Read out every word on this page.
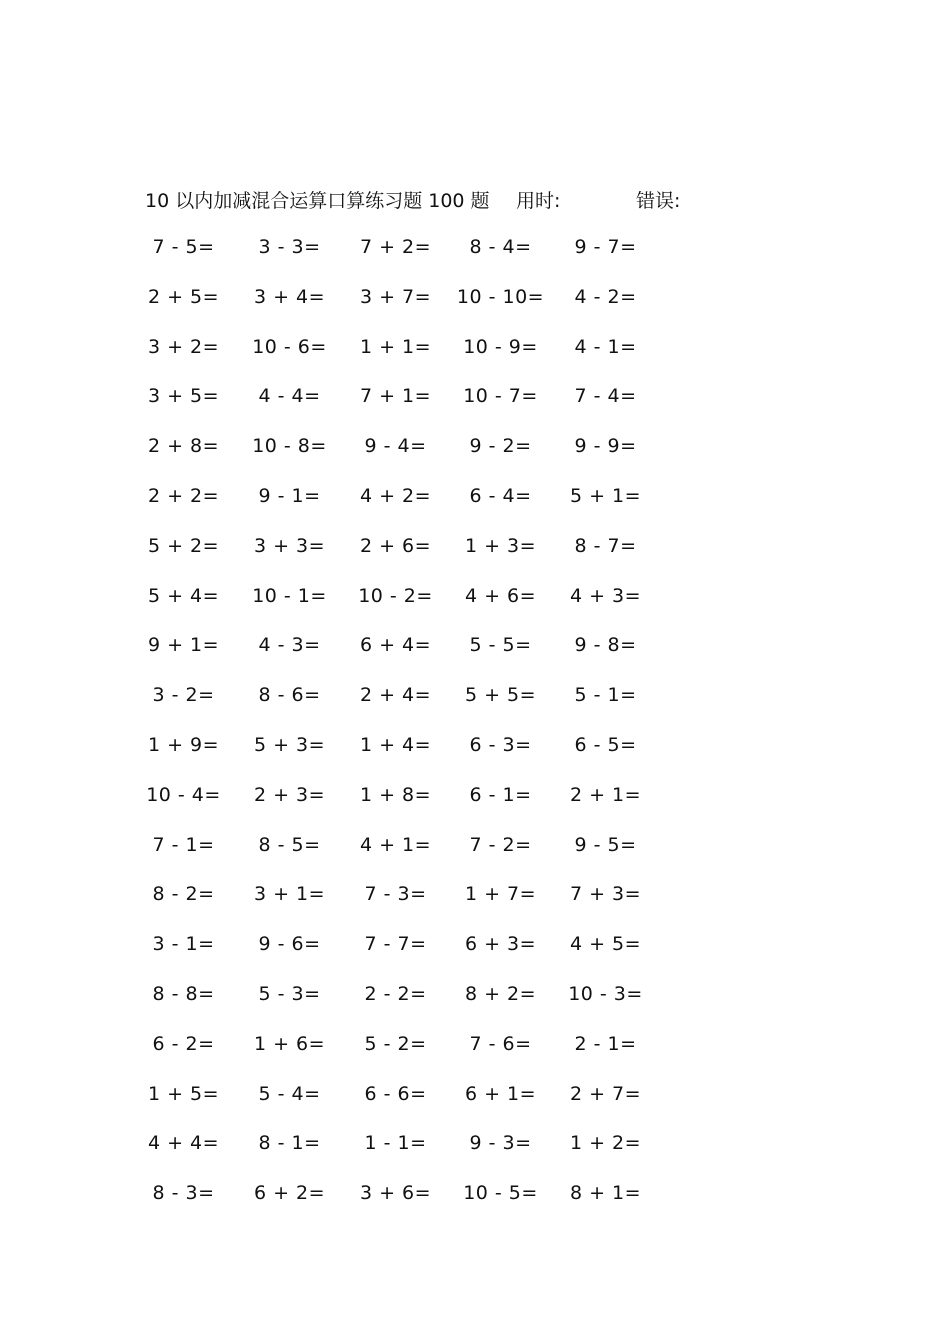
10 以内加减混合运算口算练习题 100 题 用时:	错误:
7 - 5=	3 - 3=	7 + 2=	8 - 4=	9 - 7=
2 + 5=	3 + 4=	3 + 7=	10 - 10=	4 - 2=
3 + 2=	10 - 6=	1 + 1=	10 - 9=	4 - 1=
3 + 5=	4 - 4=	7 + 1=	10 - 7=	7 - 4=
2 + 8=	10 - 8=	9 - 4=	9 - 2=	9 - 9=
2 + 2=	9 - 1=	4 + 2=	6 - 4=	5 + 1=
5 + 2=	3 + 3=	2 + 6=	1 + 3=	8 - 7=
5 + 4=	10 - 1=	10 - 2=	4 + 6=	4 + 3=
9 + 1=	4 - 3=	6 + 4=	5 - 5=	9 - 8=
3 - 2=	8 - 6=	2 + 4=	5 + 5=	5 - 1=
1 + 9=	5 + 3=	1 + 4=	6 - 3=	6 - 5=
10 - 4=	2 + 3=	1 + 8=	6 - 1=	2 + 1=
7 - 1=	8 - 5=	4 + 1=	7 - 2=	9 - 5=
8 - 2=	3 + 1=	7 - 3=	1 + 7=	7 + 3=
3 - 1=	9 - 6=	7 - 7=	6 + 3=	4 + 5=
8 - 8=	5 - 3=	2 - 2=	8 + 2=	10 - 3=
6 - 2=	1 + 6=	5 - 2=	7 - 6=	2 - 1=
1 + 5=	5 - 4=	6 - 6=	6 + 1=	2 + 7=
4 + 4=	8 - 1=	1 - 1=	9 - 3=	1 + 2=
8 - 3=	6 + 2=	3 + 6=	10 - 5=	8 + 1=
